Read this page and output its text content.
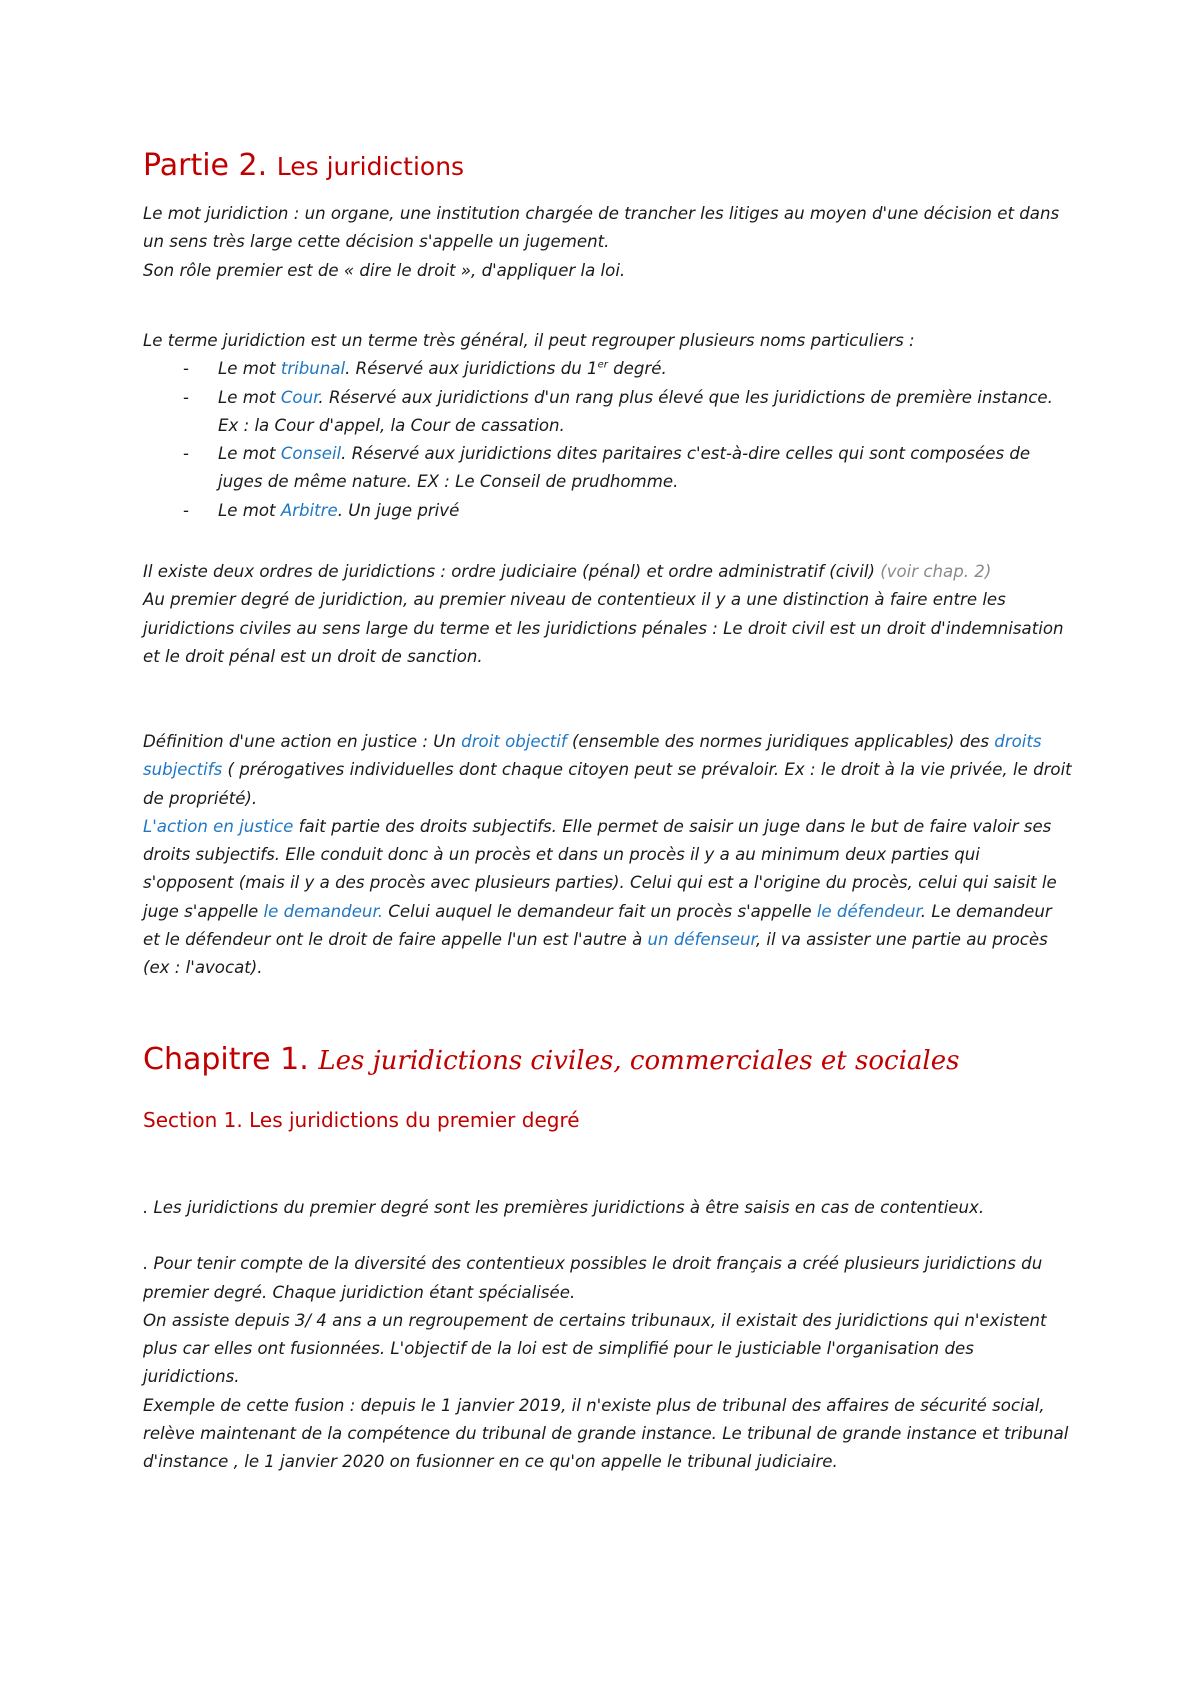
Partie 2. Les juridictions

Le mot juridiction : un organe, une institution chargée de trancher les litiges au moyen d'une décision et dans un sens très large cette décision s'appelle un jugement.

Son rôle premier est de « dire le droit », d'appliquer la loi.

Le terme juridiction est un terme très général, il peut regrouper plusieurs noms particuliers :

- Le mot tribunal. Réservé aux juridictions du 1er degré.
- Le mot Cour. Réservé aux juridictions d'un rang plus élevé que les juridictions de première instance. Ex : la Cour d'appel, la Cour de cassation.
- Le mot Conseil. Réservé aux juridictions dites paritaires c'est-à-dire celles qui sont composées de juges de même nature. EX : Le Conseil de prudhomme.
- Le mot Arbitre. Un juge privé

Il existe deux ordres de juridictions : ordre judiciaire (pénal) et ordre administratif (civil) (voir chap. 2)

Au premier degré de juridiction, au premier niveau de contentieux il y a une distinction à faire entre les juridictions civiles au sens large du terme et les juridictions pénales : Le droit civil est un droit d'indemnisation et le droit pénal est un droit de sanction.

Définition d'une action en justice : Un droit objectif (ensemble des normes juridiques applicables) des droits subjectifs ( prérogatives individuelles dont chaque citoyen peut se prévaloir. Ex : le droit à la vie privée, le droit de propriété).

L'action en justice fait partie des droits subjectifs. Elle permet de saisir un juge dans le but de faire valoir ses droits subjectifs. Elle conduit donc à un procès et dans un procès il y a au minimum deux parties qui s'opposent (mais il y a des procès avec plusieurs parties). Celui qui est a l'origine du procès, celui qui saisit le juge s'appelle le demandeur. Celui auquel le demandeur fait un procès s'appelle le défendeur. Le demandeur et le défendeur ont le droit de faire appelle l'un est l'autre à un défenseur, il va assister une partie au procès (ex : l'avocat).

Chapitre 1. Les juridictions civiles, commerciales et sociales
Section 1. Les juridictions du premier degré

. Les juridictions du premier degré sont les premières juridictions à être saisis en cas de contentieux.

. Pour tenir compte de la diversité des contentieux possibles le droit français a créé plusieurs juridictions du premier degré. Chaque juridiction étant spécialisée.

On assiste depuis 3/ 4 ans a un regroupement de certains tribunaux, il existait des juridictions qui n'existent plus car elles ont fusionnées. L'objectif de la loi est de simplifié pour le justiciable l'organisation des juridictions.

Exemple de cette fusion : depuis le 1 janvier 2019, il n'existe plus de tribunal des affaires de sécurité social, relève maintenant de la compétence du tribunal de grande instance. Le tribunal de grande instance et tribunal d'instance , le 1 janvier 2020 on fusionner en ce qu'on appelle le tribunal judiciaire.
